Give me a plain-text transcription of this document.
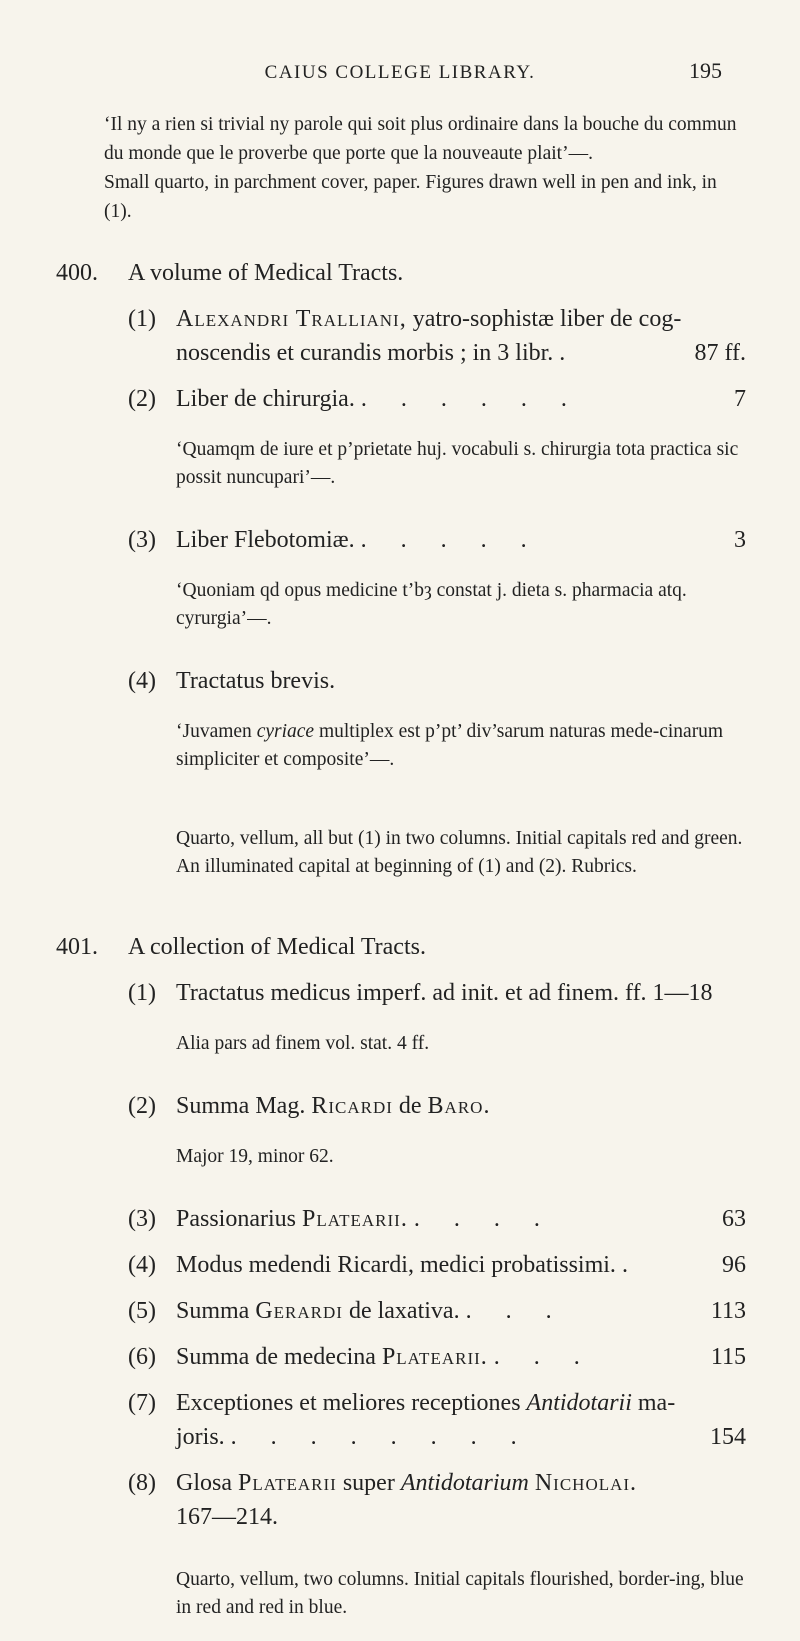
CAIUS COLLEGE LIBRARY.	195

‘Il ny a rien si trivial ny parole qui soit plus ordinaire dans la bouche du commun du monde que le proverbe que porte que la nouveaute plait’—.

Small quarto, in parchment cover, paper. Figures drawn well in pen and ink, in (1).

400. A volume of Medical Tracts.
(1) Alexandri Tralliani, yatro-sophistæ liber de cog-
noscendis et curandis morbis ; in 3 libr. .	87 ff.
(2) Liber de chirurgia. . . . . . .	7

‘Quamqm de iure et p’prietate huj. vocabuli s. chirurgia tota practica sic possit nuncupari’—.

(3) Liber Flebotomiæ. . . . . .	3

‘Quoniam qd opus medicine t’bȝ constat j. dieta s. pharmacia atq. cyrurgia’—.

(4) Tractatus brevis.

‘Juvamen cyriace multiplex est p’pt’ div’sarum naturas mede-cinarum simpliciter et composite’—.

Quarto, vellum, all but (1) in two columns. Initial capitals red and green. An illuminated capital at beginning of (1) and (2). Rubrics.

401. A collection of Medical Tracts.
(1) Tractatus medicus imperf. ad init. et ad finem. ff. 1—18

Alia pars ad finem vol. stat. 4 ff.

(2) Summa Mag. Ricardi de Baro.

Major 19, minor 62.

(3) Passionarius Platearii. . . . .	63
(4) Modus medendi Ricardi, medici probatissimi. .	96
(5) Summa Gerardi de laxativa. . . .	113
(6) Summa de medecina Platearii. . . .	115
(7) Exceptiones et meliores receptiones Antidotarii ma-
joris. . . . . . . . .	154
(8) Glosa Platearii super Antidotarium Nicholai.
167—214.

Quarto, vellum, two columns. Initial capitals flourished, border-ing, blue in red and red in blue.
